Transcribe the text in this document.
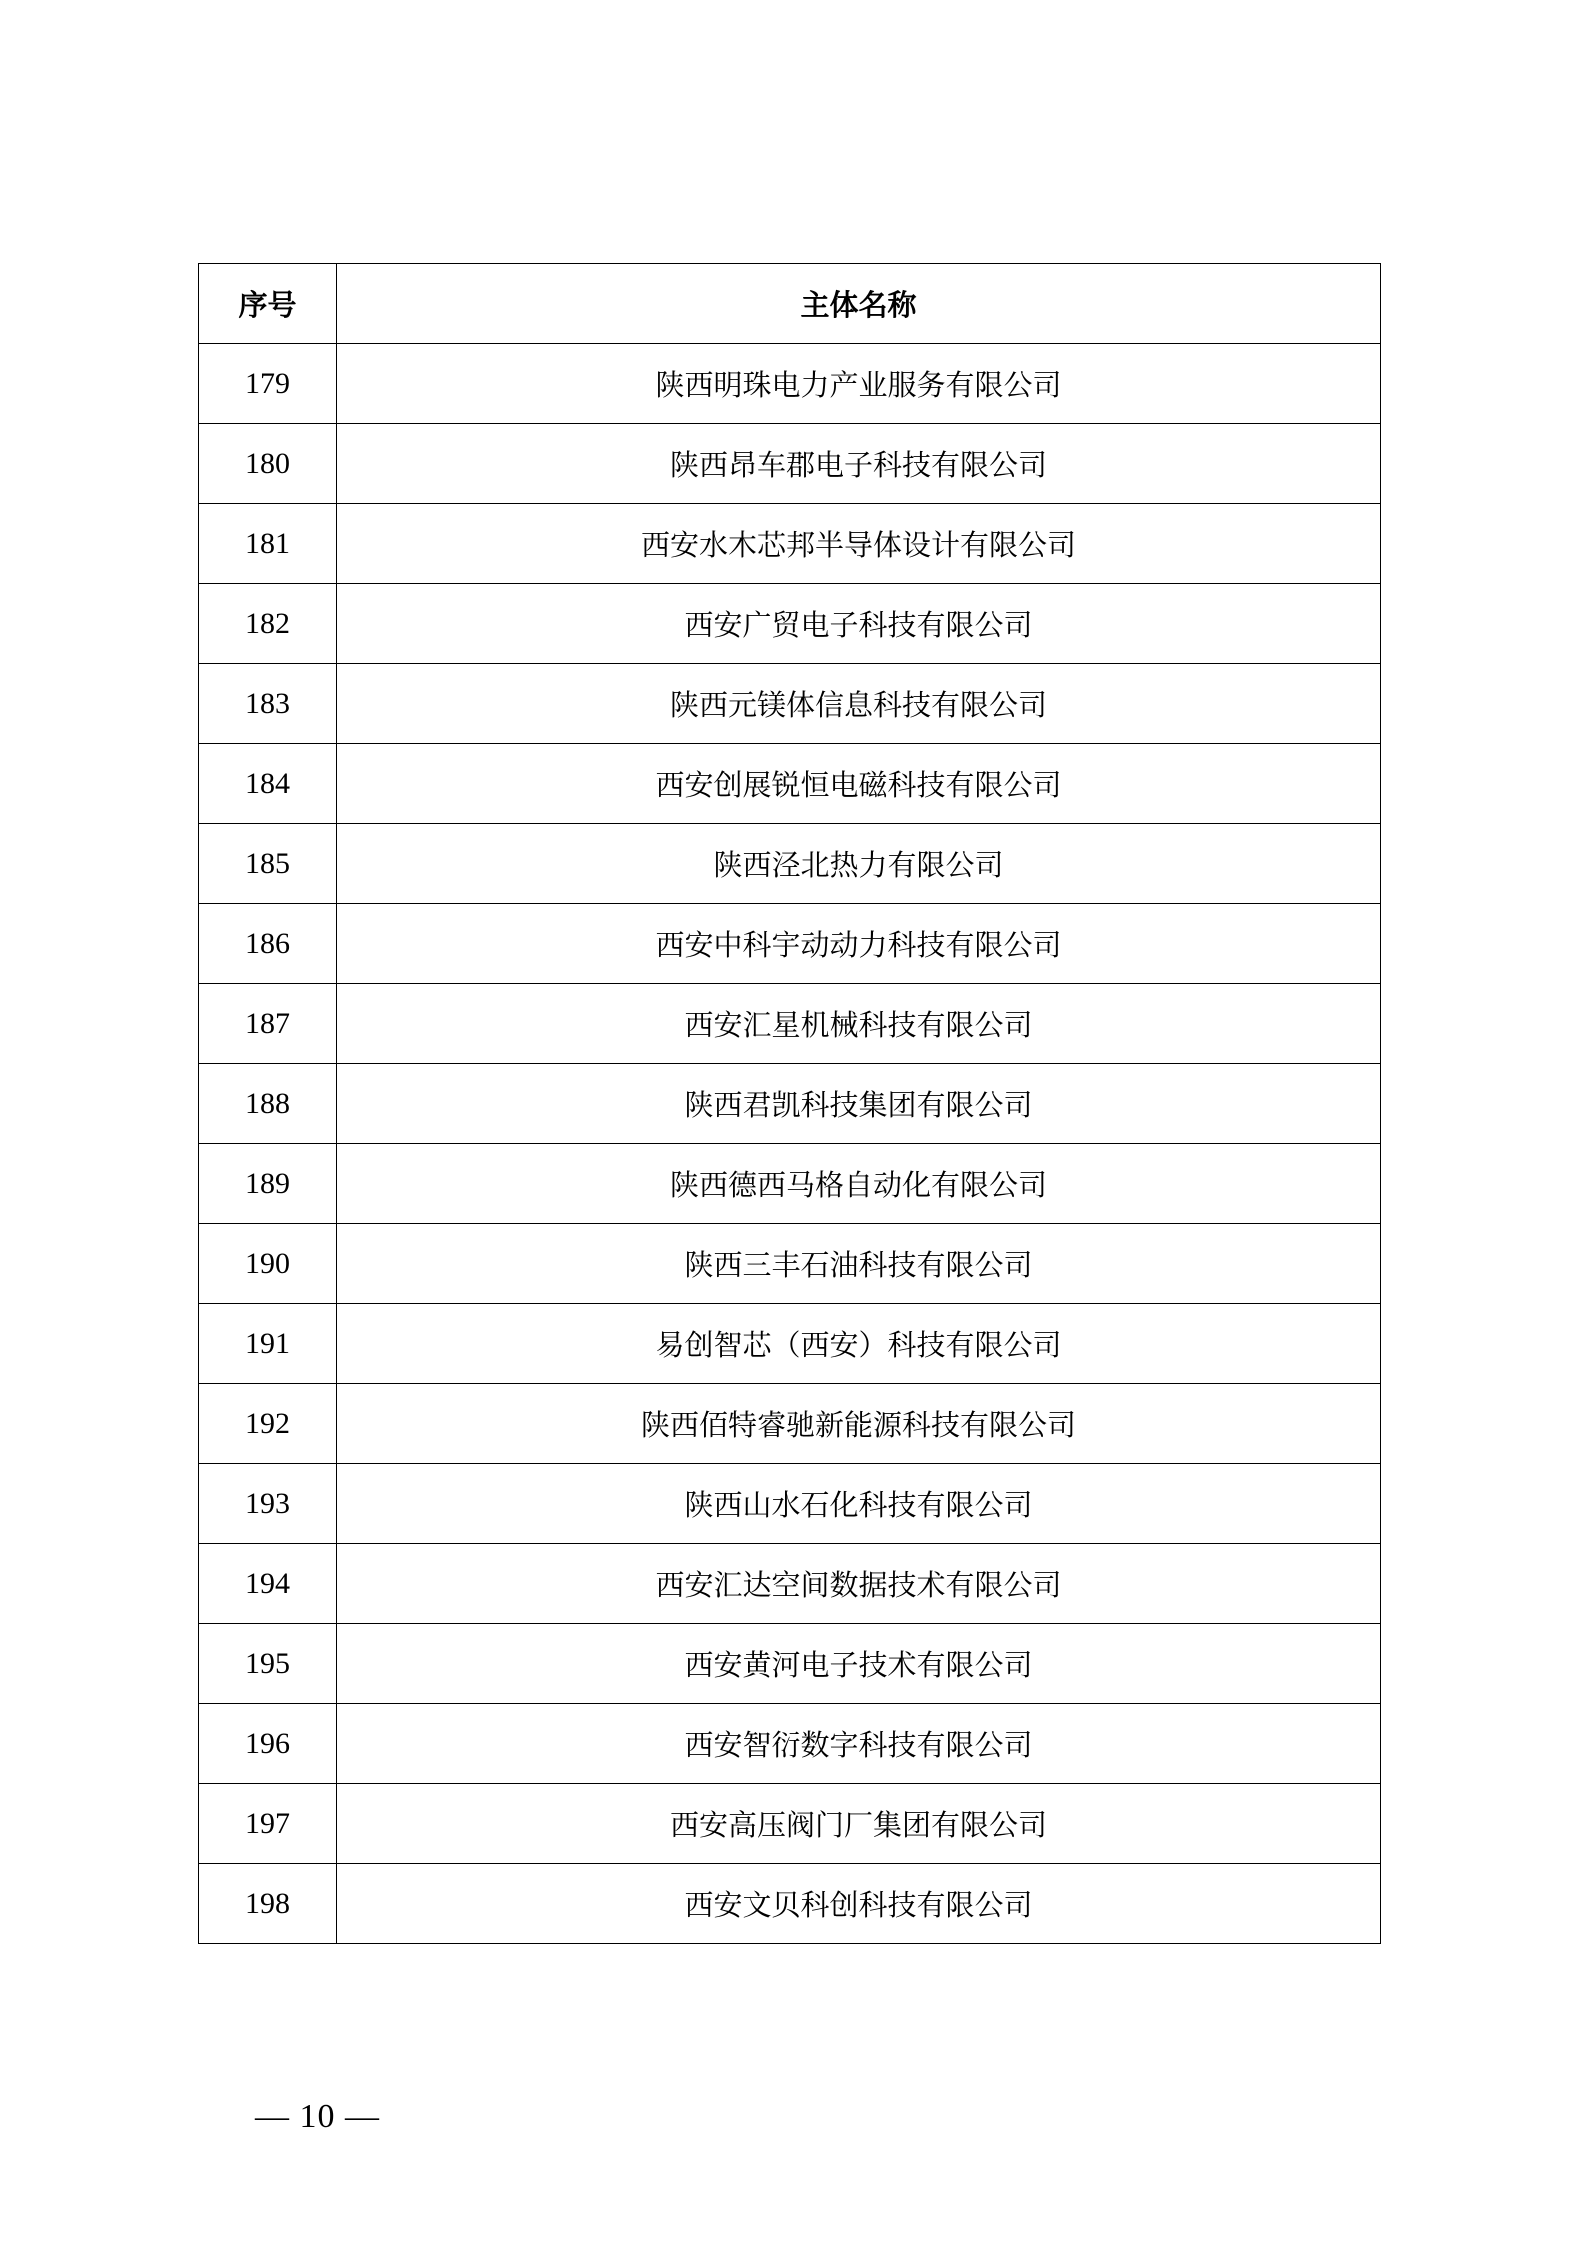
序号	主体名称
179	陕西明珠电力产业服务有限公司
180	陕西昂车郡电子科技有限公司
181	西安水木芯邦半导体设计有限公司
182	西安广贸电子科技有限公司
183	陕西元镁体信息科技有限公司
184	西安创展锐恒电磁科技有限公司
185	陕西泾北热力有限公司
186	西安中科宇动动力科技有限公司
187	西安汇星机械科技有限公司
188	陕西君凯科技集团有限公司
189	陕西德西马格自动化有限公司
190	陕西三丰石油科技有限公司
191	易创智芯（西安）科技有限公司
192	陕西佰特睿驰新能源科技有限公司
193	陕西山水石化科技有限公司
194	西安汇达空间数据技术有限公司
195	西安黄河电子技术有限公司
196	西安智衍数字科技有限公司
197	西安高压阀门厂集团有限公司
198	西安文贝科创科技有限公司
— 10 —
